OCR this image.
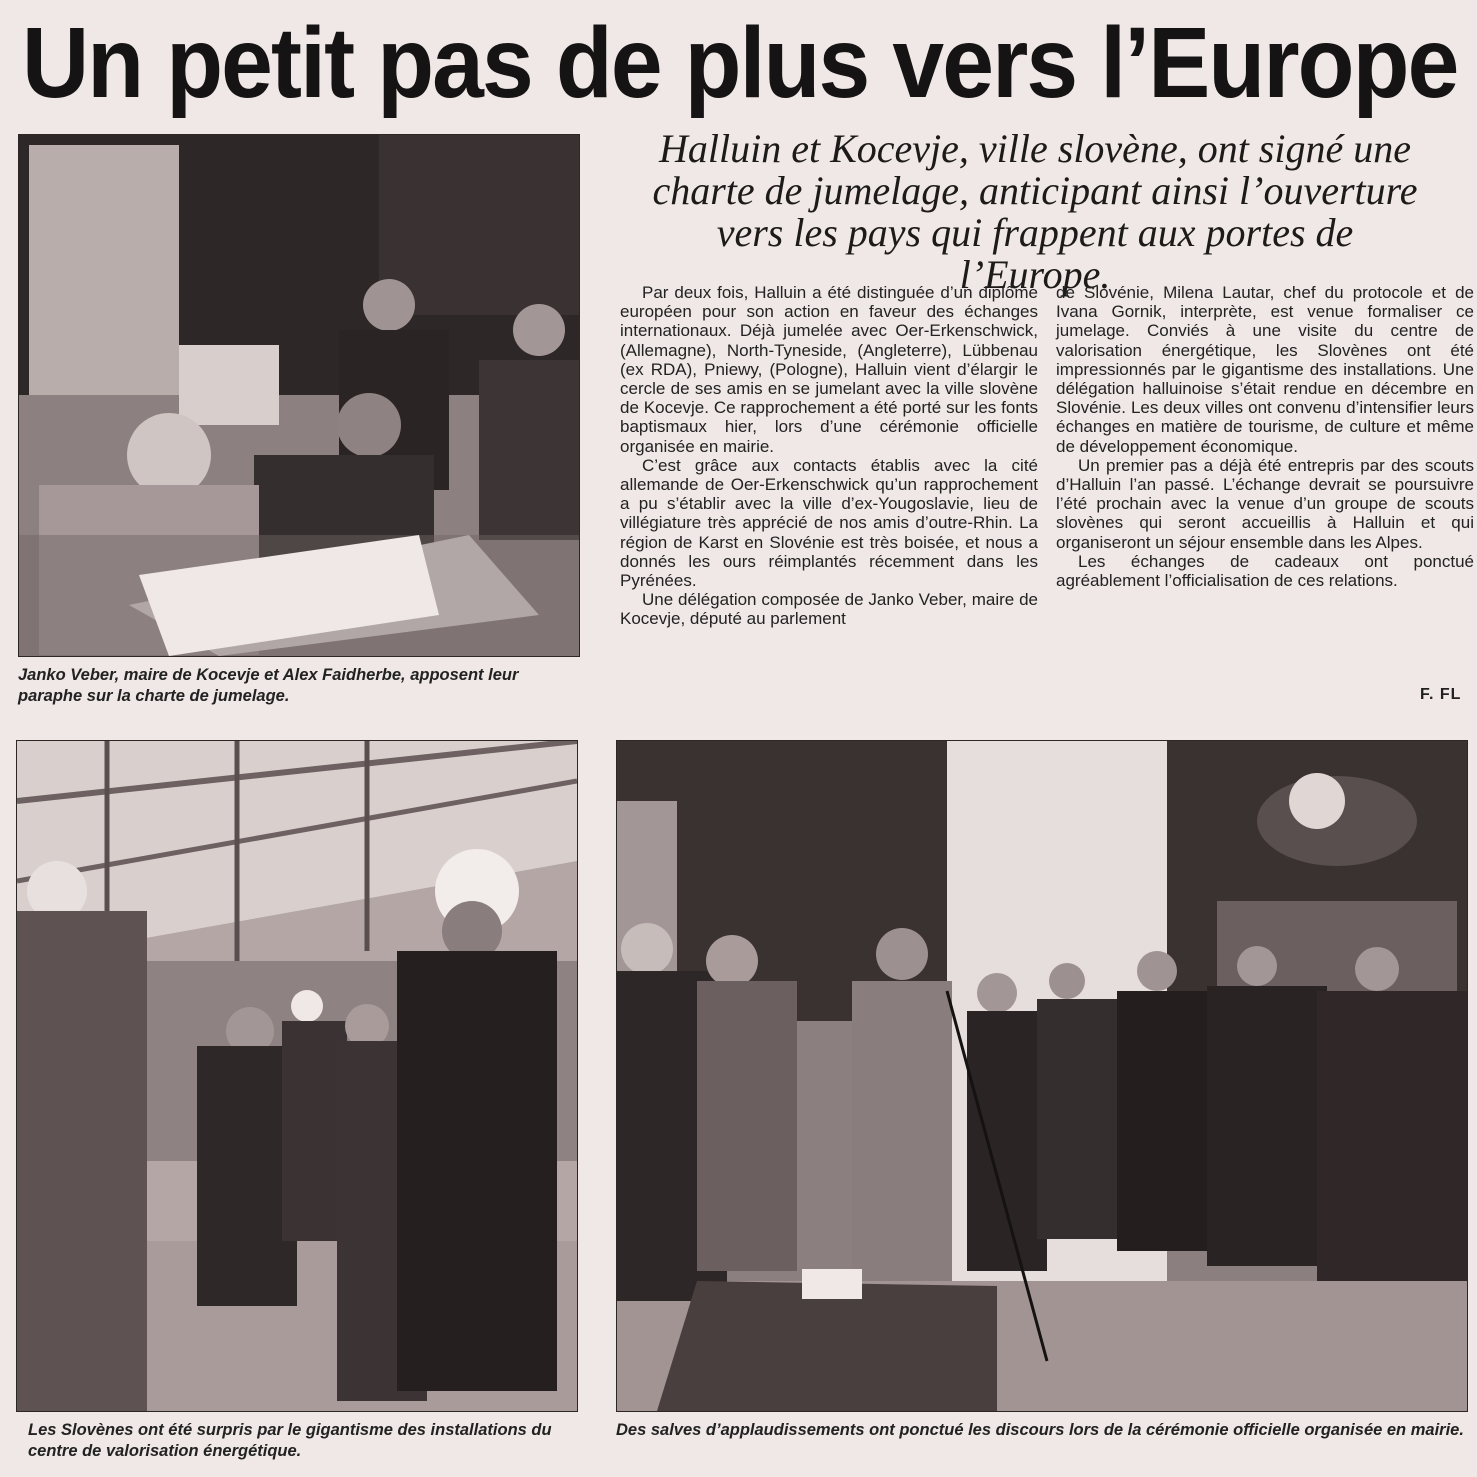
Un petit pas de plus vers l’Europe
Janko Veber, maire de Kocevje et Alex Faidherbe, apposent leur paraphe sur la charte de jumelage.
Halluin et Kocevje, ville slovène, ont signé une charte de jumelage, anticipant ainsi l’ouverture vers les pays qui frappent aux portes de l’Europe.

Par deux fois, Halluin a été distinguée d’un diplôme européen pour son action en faveur des échanges internationaux. Déjà jumelée avec Oer-Erkenschwick, (Allemagne), North-Tyneside, (Angleterre), Lübbenau (ex RDA), Pniewy, (Pologne), Halluin vient d’élargir le cercle de ses amis en se jumelant avec la ville slovène de Kocevje. Ce rapprochement a été porté sur les fonts baptismaux hier, lors d’une cérémonie officielle organisée en mairie.

C’est grâce aux contacts établis avec la cité allemande de Oer-Erkenschwick qu’un rapprochement a pu s’établir avec la ville d’ex-Yougoslavie, lieu de villégiature très apprécié de nos amis d’outre-Rhin. La région de Karst en Slovénie est très boisée, et nous a donnés les ours réimplantés récemment dans les Pyrénées.

Une délégation composée de Janko Veber, maire de Kocevje, député au parlement

de Slovénie, Milena Lautar, chef du protocole et de Ivana Gornik, interprète, est venue formaliser ce jumelage. Conviés à une visite du centre de valorisation énergétique, les Slovènes ont été impressionnés par le gigantisme des installations. Une délégation halluinoise s’était rendue en décembre en Slovénie. Les deux villes ont convenu d’intensifier leurs échanges en matière de tourisme, de culture et même de développement économique.

Un premier pas a déjà été entrepris par des scouts d’Halluin l’an passé. L’échange devrait se poursuivre l’été prochain avec la venue d’un groupe de scouts slovènes qui seront accueillis à Halluin et qui organiseront un séjour ensemble dans les Alpes.

Les échanges de cadeaux ont ponctué agréablement l’officialisation de ces relations.

F. FL
Les Slovènes ont été surpris par le gigantisme des installations du centre de valorisation énergétique.
Des salves d’applaudissements ont ponctué les discours lors de la cérémonie officielle organisée en mairie.
